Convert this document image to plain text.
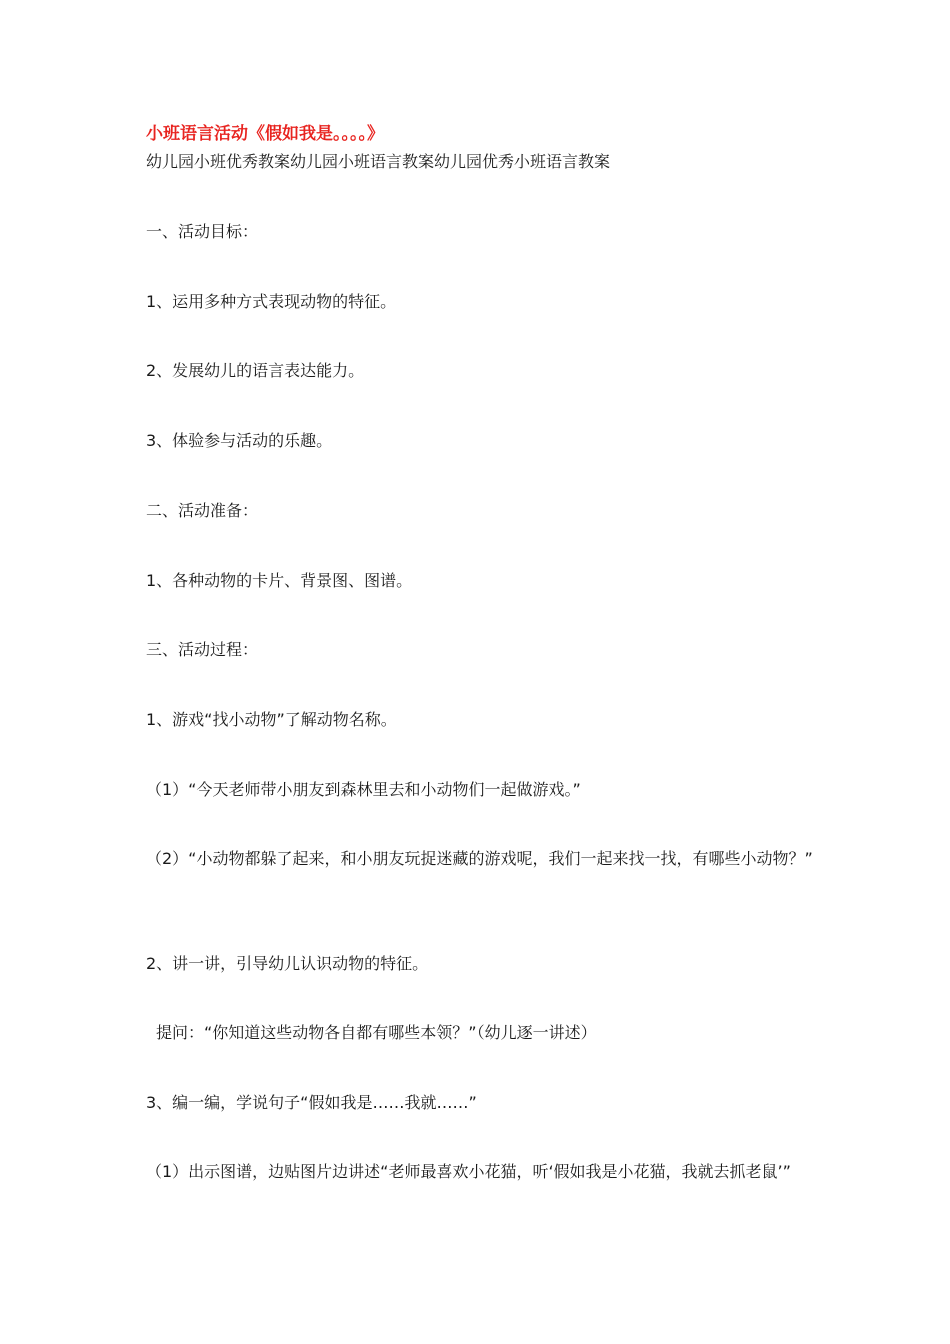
小班语言活动《假如我是。。。。》
幼儿园小班优秀教案幼儿园小班语言教案幼儿园优秀小班语言教案
一、活动目标：
1、运用多种方式表现动物的特征。
2、发展幼儿的语言表达能力。
3、体验参与活动的乐趣。
二、活动准备：
1、各种动物的卡片、背景图、图谱。
三、活动过程：
1、游戏“找小动物”了解动物名称。
（1）“今天老师带小朋友到森林里去和小动物们一起做游戏。”
（2）“小动物都躲了起来，和小朋友玩捉迷藏的游戏呢，我们一起来找一找，有哪些小动物？”
2、讲一讲，引导幼儿认识动物的特征。
提问：“你知道这些动物各自都有哪些本领？”（幼儿逐一讲述）
3、编一编，学说句子“假如我是……我就……”
（1）出示图谱，边贴图片边讲述“老师最喜欢小花猫，听‘假如我是小花猫，我就去抓老鼠’”
